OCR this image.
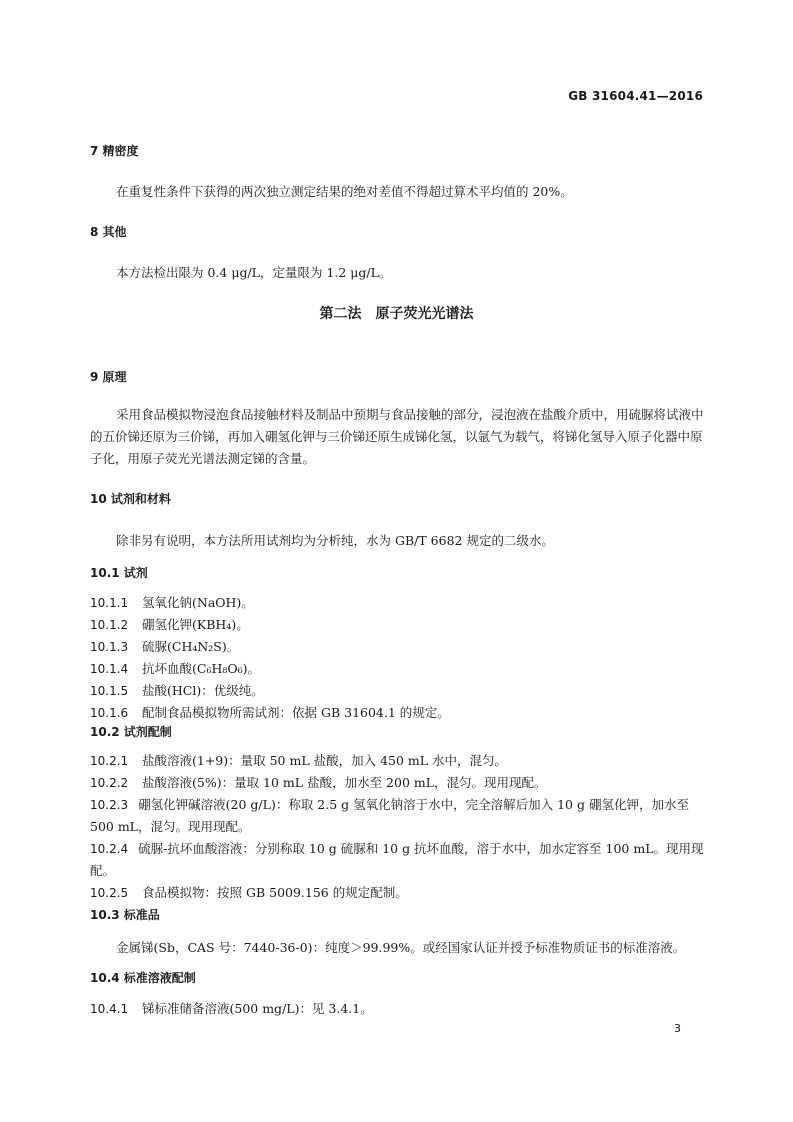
GB 31604.41—2016
7 精密度
在重复性条件下获得的两次独立测定结果的绝对差值不得超过算术平均值的 20%。
8 其他
本方法检出限为 0.4 μg/L，定量限为 1.2 μg/L。
第二法　原子荧光光谱法
9 原理
采用食品模拟物浸泡食品接触材料及制品中预期与食品接触的部分，浸泡液在盐酸介质中，用硫脲将试液中的五价锑还原为三价锑，再加入硼氢化钾与三价锑还原生成锑化氢，以氩气为载气，将锑化氢导入原子化器中原子化，用原子荧光光谱法测定锑的含量。
10 试剂和材料
除非另有说明，本方法所用试剂均为分析纯，水为 GB/T 6682 规定的二级水。
10.1 试剂
10.1.1 氢氧化钠(NaOH)。
10.1.2 硼氢化钾(KBH₄)。
10.1.3 硫脲(CH₄N₂S)。
10.1.4 抗坏血酸(C₆H₈O₆)。
10.1.5 盐酸(HCl)：优级纯。
10.1.6 配制食品模拟物所需试剂：依据 GB 31604.1 的规定。
10.2 试剂配制
10.2.1 盐酸溶液(1+9)：量取 50 mL 盐酸，加入 450 mL 水中，混匀。
10.2.2 盐酸溶液(5%)：量取 10 mL 盐酸，加水至 200 mL，混匀。现用现配。
10.2.3 硼氢化钾碱溶液(20 g/L)：称取 2.5 g 氢氧化钠溶于水中，完全溶解后加入 10 g 硼氢化钾，加水至 500 mL，混匀。现用现配。
10.2.4 硫脲-抗坏血酸溶液：分别称取 10 g 硫脲和 10 g 抗坏血酸，溶于水中，加水定容至 100 mL。现用现配。
10.2.5 食品模拟物：按照 GB 5009.156 的规定配制。
10.3 标准品
金属锑(Sb，CAS 号：7440-36-0)：纯度＞99.99%。或经国家认证并授予标准物质证书的标准溶液。
10.4 标准溶液配制
10.4.1 锑标准储备溶液(500 mg/L)：见 3.4.1。
3
